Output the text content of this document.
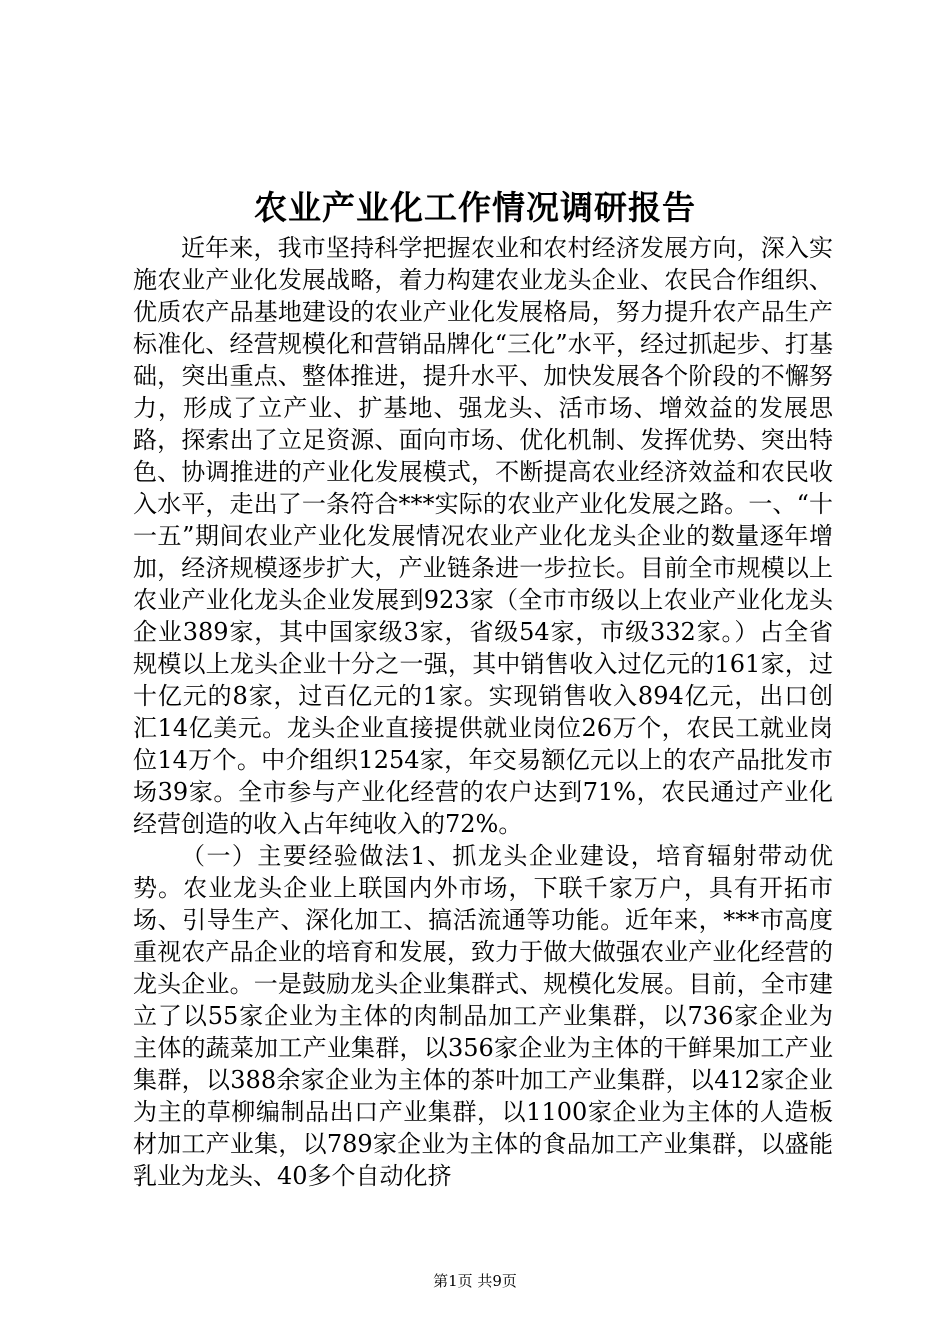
农业产业化工作情况调研报告

近年来，我市坚持科学把握农业和农村经济发展方向，深入实施农业产业化发展战略，着力构建农业龙头企业、农民合作组织、优质农产品基地建设的农业产业化发展格局，努力提升农产品生产标准化、经营规模化和营销品牌化“三化”水平，经过抓起步、打基础，突出重点、整体推进，提升水平、加快发展各个阶段的不懈努力，形成了立产业、扩基地、强龙头、活市场、增效益的发展思路，探索出了立足资源、面向市场、优化机制、发挥优势、突出特色、协调推进的产业化发展模式，不断提高农业经济效益和农民收入水平，走出了一条符合***实际的农业产业化发展之路。一、“十一五”期间农业产业化发展情况农业产业化龙头企业的数量逐年增加，经济规模逐步扩大，产业链条进一步拉长。目前全市规模以上农业产业化龙头企业发展到923家（全市市级以上农业产业化龙头企业389家，其中国家级3家，省级54家，市级332家。）占全省规模以上龙头企业十分之一强，其中销售收入过亿元的161家，过十亿元的8家，过百亿元的1家。实现销售收入894亿元，出口创汇14亿美元。龙头企业直接提供就业岗位26万个，农民工就业岗位14万个。中介组织1254家，年交易额亿元以上的农产品批发市场39家。全市参与产业化经营的农户达到71%，农民通过产业化经营创造的收入占年纯收入的72%。

（一）主要经验做法1、抓龙头企业建设，培育辐射带动优势。农业龙头企业上联国内外市场，下联千家万户，具有开拓市场、引导生产、深化加工、搞活流通等功能。近年来，***市高度重视农产品企业的培育和发展，致力于做大做强农业产业化经营的龙头企业。一是鼓励龙头企业集群式、规模化发展。目前，全市建立了以55家企业为主体的肉制品加工产业集群，以736家企业为主体的蔬菜加工产业集群，以356家企业为主体的干鲜果加工产业集群，以388余家企业为主体的茶叶加工产业集群，以412家企业为主的草柳编制品出口产业集群，以1100家企业为主体的人造板材加工产业集，以789家企业为主体的食品加工产业集群，以盛能乳业为龙头、40多个自动化挤

第1页 共9页
